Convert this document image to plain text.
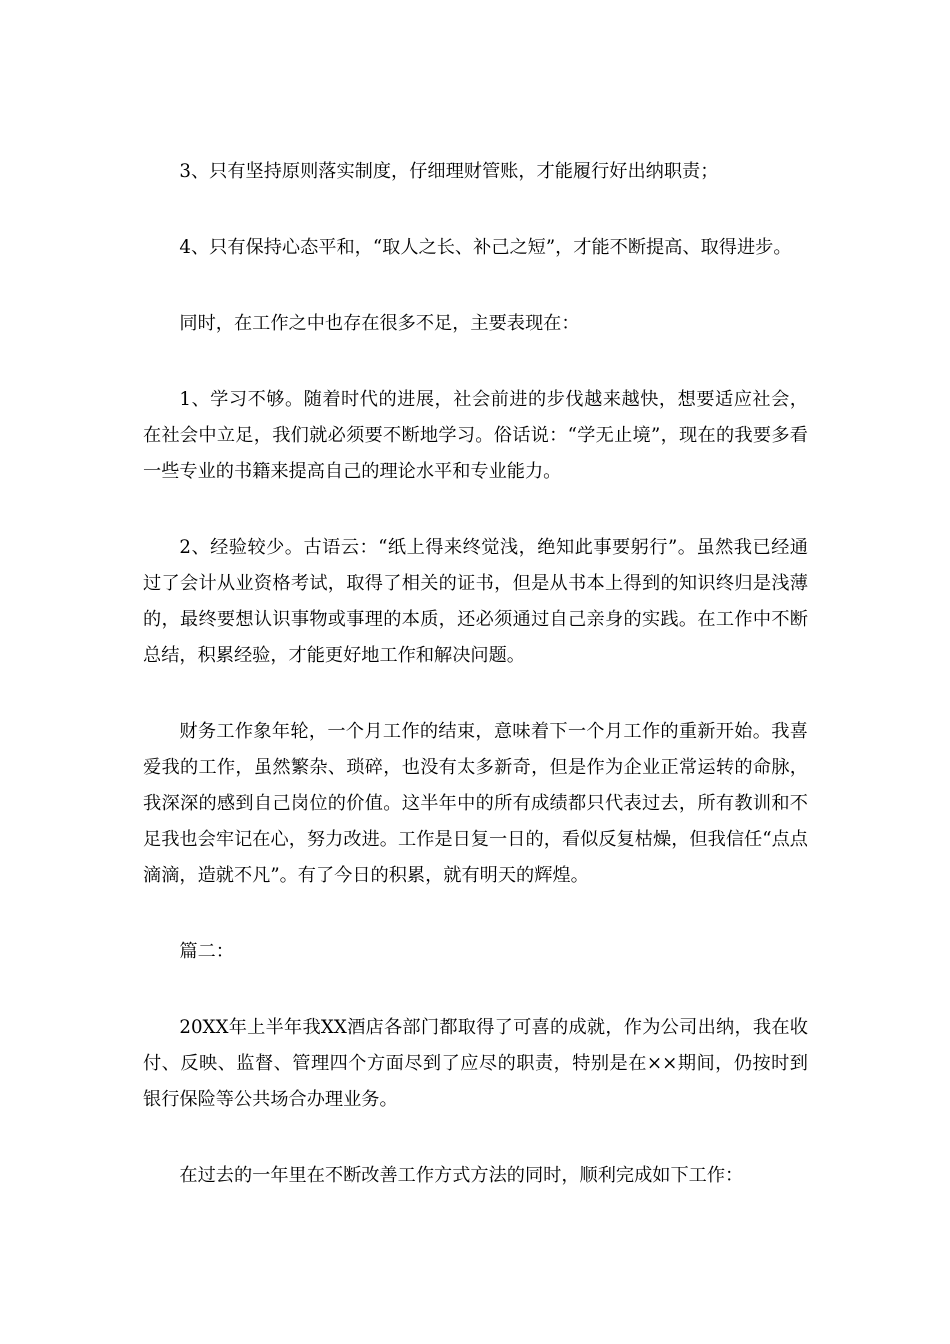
3、只有坚持原则落实制度，仔细理财管账，才能履行好出纳职责；

4、只有保持心态平和，“取人之长、补己之短”，才能不断提高、取得进步。

同时，在工作之中也存在很多不足，主要表现在：

1、学习不够。随着时代的进展，社会前进的步伐越来越快，想要适应社会，在社会中立足，我们就必须要不断地学习。俗话说：“学无止境”，现在的我要多看一些专业的书籍来提高自己的理论水平和专业能力。

2、经验较少。古语云：“纸上得来终觉浅，绝知此事要躬行”。虽然我已经通过了会计从业资格考试，取得了相关的证书，但是从书本上得到的知识终归是浅薄的，最终要想认识事物或事理的本质，还必须通过自己亲身的实践。在工作中不断总结，积累经验，才能更好地工作和解决问题。

财务工作象年轮，一个月工作的结束，意味着下一个月工作的重新开始。我喜爱我的工作，虽然繁杂、琐碎，也没有太多新奇，但是作为企业正常运转的命脉，我深深的感到自己岗位的价值。这半年中的所有成绩都只代表过去，所有教训和不足我也会牢记在心，努力改进。工作是日复一日的，看似反复枯燥，但我信任“点点滴滴，造就不凡”。有了今日的积累，就有明天的辉煌。

篇二：

20XX年上半年我XX酒店各部门都取得了可喜的成就，作为公司出纳，我在收付、反映、监督、管理四个方面尽到了应尽的职责，特别是在××期间，仍按时到银行保险等公共场合办理业务。

在过去的一年里在不断改善工作方式方法的同时，顺利完成如下工作：
